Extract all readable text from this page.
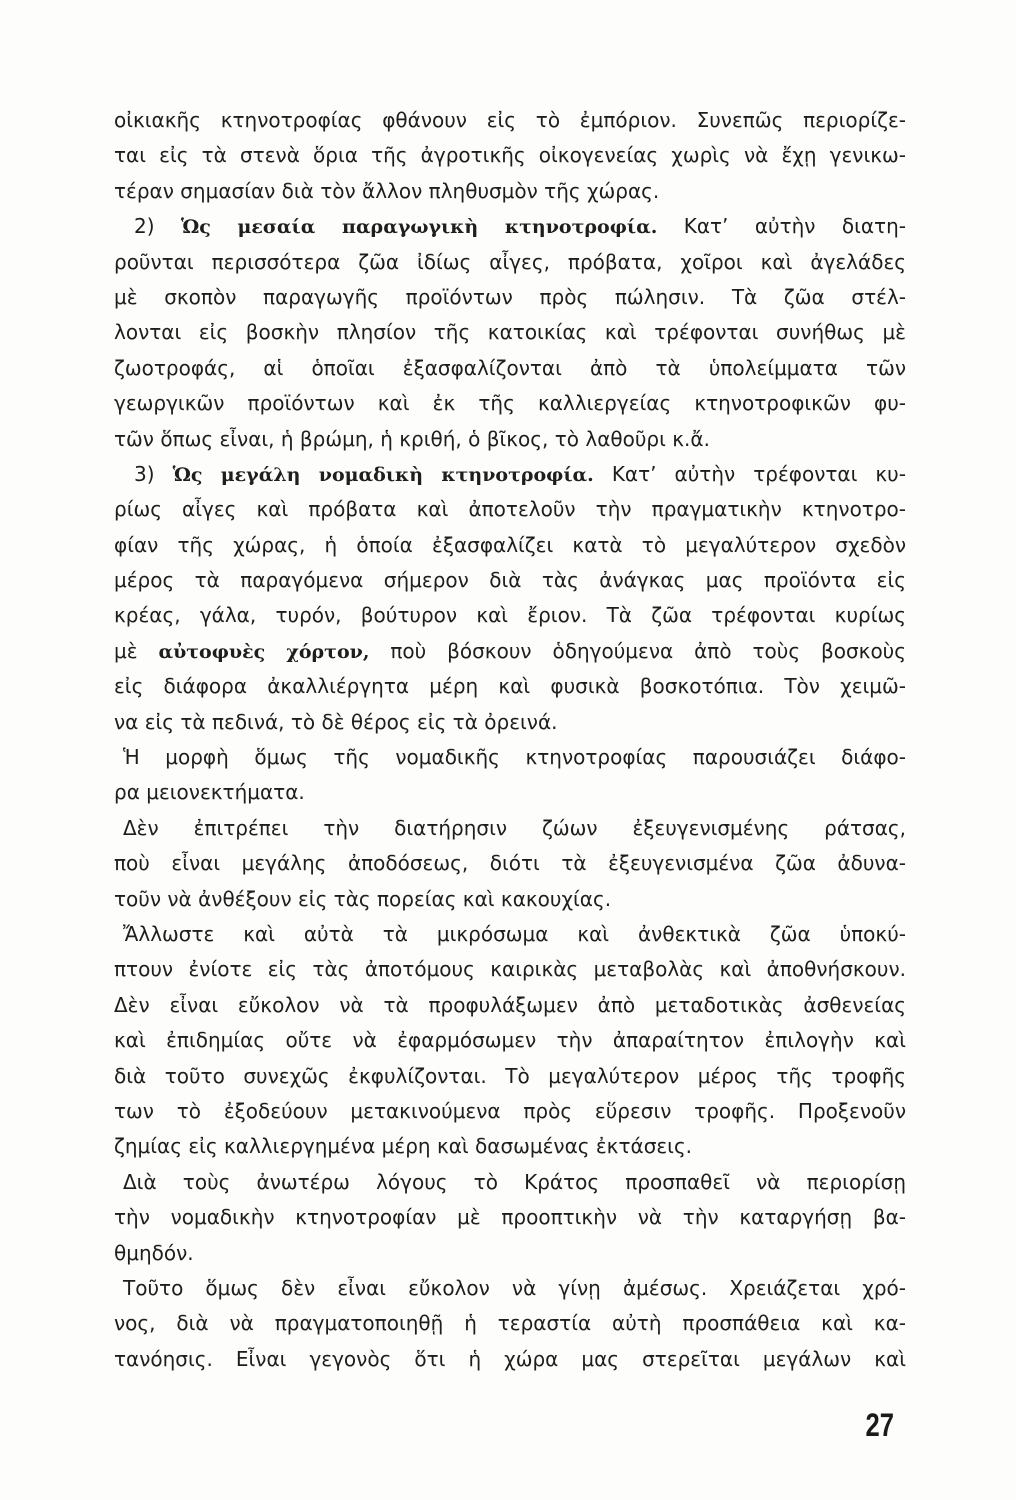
οἰκιακῆς κτηνοτροφίας φθάνουν εἰς τὸ ἐμπόριον. Συνεπῶς περιορίζε-
ται εἰς τὰ στενὰ ὅρια τῆς ἀγροτικῆς οἰκογενείας χωρὶς νὰ ἔχῃ γενικω-
τέραν σημασίαν διὰ τὸν ἄλλον πληθυσμὸν τῆς χώρας.
2) Ὡς μεσαία παραγωγικὴ κτηνοτροφία. Κατ’ αὐτὴν διατη-
ροῦνται περισσότερα ζῶα ἰδίως αἶγες, πρόβατα, χοῖροι καὶ ἀγελάδες
μὲ σκοπὸν παραγωγῆς προϊόντων πρὸς πώλησιν. Τὰ ζῶα στέλ-
λονται εἰς βοσκὴν πλησίον τῆς κατοικίας καὶ τρέφονται συνήθως μὲ
ζωοτροφάς, αἱ ὁποῖαι ἐξασφαλίζονται ἀπὸ τὰ ὑπολείμματα τῶν
γεωργικῶν προϊόντων καὶ ἐκ τῆς καλλιεργείας κτηνοτροφικῶν φυ-
τῶν ὅπως εἶναι, ἡ βρώμη, ἡ κριθή, ὁ βῖκος, τὸ λαθοῦρι κ.ἄ.
3) Ὡς μεγάλη νομαδικὴ κτηνοτροφία. Κατ’ αὐτὴν τρέφονται κυ-
ρίως αἶγες καὶ πρόβατα καὶ ἀποτελοῦν τὴν πραγματικὴν κτηνοτρο-
φίαν τῆς χώρας, ἡ ὁποία ἐξασφαλίζει κατὰ τὸ μεγαλύτερον σχεδὸν
μέρος τὰ παραγόμενα σήμερον διὰ τὰς ἀνάγκας μας προϊόντα εἰς
κρέας, γάλα, τυρόν, βούτυρον καὶ ἔριον. Τὰ ζῶα τρέφονται κυρίως
μὲ αὐτοφυὲς χόρτον, ποὺ βόσκουν ὁδηγούμενα ἀπὸ τοὺς βοσκοὺς
εἰς διάφορα ἀκαλλιέργητα μέρη καὶ φυσικὰ βοσκοτόπια. Τὸν χειμῶ-
να εἰς τὰ πεδινά, τὸ δὲ θέρος εἰς τὰ ὀρεινά.
Ἡ μορφὴ ὅμως τῆς νομαδικῆς κτηνοτροφίας παρουσιάζει διάφο-
ρα μειονεκτήματα.
Δὲν ἐπιτρέπει τὴν διατήρησιν ζώων ἐξευγενισμένης ράτσας,
ποὺ εἶναι μεγάλης ἀποδόσεως, διότι τὰ ἐξευγενισμένα ζῶα ἀδυνα-
τοῦν νὰ ἀνθέξουν εἰς τὰς πορείας καὶ κακουχίας.
Ἄλλωστε καὶ αὐτὰ τὰ μικρόσωμα καὶ ἀνθεκτικὰ ζῶα ὑποκύ-
πτουν ἐνίοτε εἰς τὰς ἀποτόμους καιρικὰς μεταβολὰς καὶ ἀποθνήσκουν.
Δὲν εἶναι εὔκολον νὰ τὰ προφυλάξωμεν ἀπὸ μεταδοτικὰς ἀσθενείας
καὶ ἐπιδημίας οὔτε νὰ ἐφαρμόσωμεν τὴν ἀπαραίτητον ἐπιλογὴν καὶ
διὰ τοῦτο συνεχῶς ἐκφυλίζονται. Τὸ μεγαλύτερον μέρος τῆς τροφῆς
των τὸ ἐξοδεύουν μετακινούμενα πρὸς εὕρεσιν τροφῆς. Προξενοῦν
ζημίας εἰς καλλιεργημένα μέρη καὶ δασωμένας ἐκτάσεις.
Διὰ τοὺς ἀνωτέρω λόγους τὸ Κράτος προσπαθεῖ νὰ περιορίσῃ
τὴν νομαδικὴν κτηνοτροφίαν μὲ προοπτικὴν νὰ τὴν καταργήσῃ βα-
θμηδόν.
Τοῦτο ὅμως δὲν εἶναι εὔκολον νὰ γίνῃ ἀμέσως. Χρειάζεται χρό-
νος, διὰ νὰ πραγματοποιηθῇ ἡ τεραστία αὐτὴ προσπάθεια καὶ κα-
τανόησις. Εἶναι γεγονὸς ὅτι ἡ χώρα μας στερεῖται μεγάλων καὶ
27
